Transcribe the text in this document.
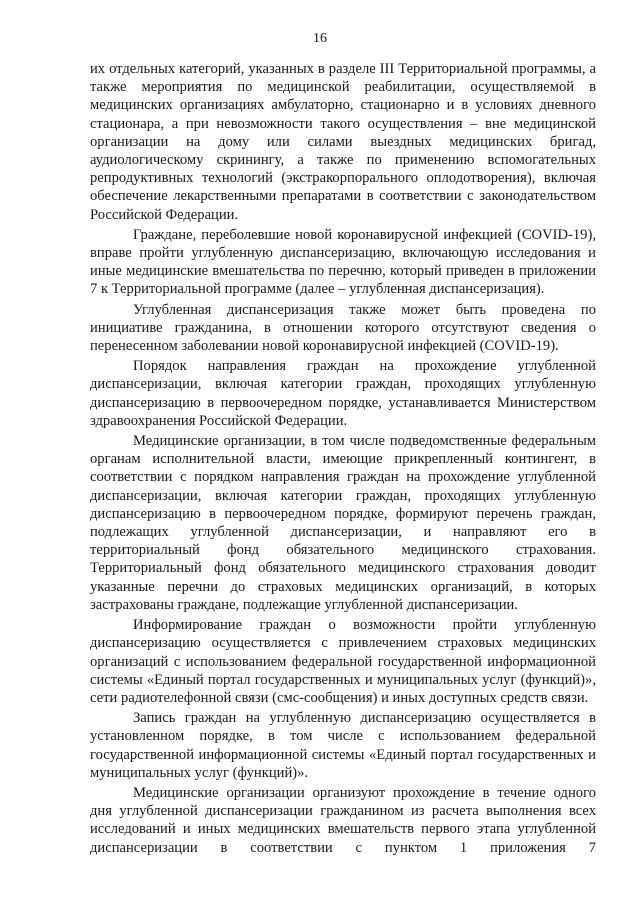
16

их отдельных категорий, указанных в разделе III Территориальной программы, а также мероприятия по медицинской реабилитации, осуществляемой в медицинских организациях амбулаторно, стационарно и в условиях дневного стационара, а при невозможности такого осуществления – вне медицинской организации на дому или силами выездных медицинских бригад, аудиологическому скринингу, а также по применению вспомогательных репродуктивных технологий (экстракорпорального оплодотворения), включая обеспечение лекарственными препаратами в соответствии с законодательством Российской Федерации.

Граждане, переболевшие новой коронавирусной инфекцией (COVID-19), вправе пройти углубленную диспансеризацию, включающую исследования и иные медицинские вмешательства по перечню, который приведен в приложении 7 к Территориальной программе (далее – углубленная диспансеризация).

Углубленная диспансеризация также может быть проведена по инициативе гражданина, в отношении которого отсутствуют сведения о перенесенном заболевании новой коронавирусной инфекцией (COVID-19).

Порядок направления граждан на прохождение углубленной диспансеризации, включая категории граждан, проходящих углубленную диспансеризацию в первоочередном порядке, устанавливается Министерством здравоохранения Российской Федерации.

Медицинские организации, в том числе подведомственные федеральным органам исполнительной власти, имеющие прикрепленный контингент, в соответствии с порядком направления граждан на прохождение углубленной диспансеризации, включая категории граждан, проходящих углубленную диспансеризацию в первоочередном порядке, формируют перечень граждан, подлежащих углубленной диспансеризации, и направляют его в территориальный фонд обязательного медицинского страхования. Территориальный фонд обязательного медицинского страхования доводит указанные перечни до страховых медицинских организаций, в которых застрахованы граждане, подлежащие углубленной диспансеризации.

Информирование граждан о возможности пройти углубленную диспансеризацию осуществляется с привлечением страховых медицинских организаций с использованием федеральной государственной информационной системы «Единый портал государственных и муниципальных услуг (функций)», сети радиотелефонной связи (смс-сообщения) и иных доступных средств связи.

Запись граждан на углубленную диспансеризацию осуществляется в установленном порядке, в том числе с использованием федеральной государственной информационной системы «Единый портал государственных и муниципальных услуг (функций)».

Медицинские организации организуют прохождение в течение одного дня углубленной диспансеризации гражданином из расчета выполнения всех исследований и иных медицинских вмешательств первого этапа углубленной диспансеризации в соответствии с пунктом 1 приложения 7
